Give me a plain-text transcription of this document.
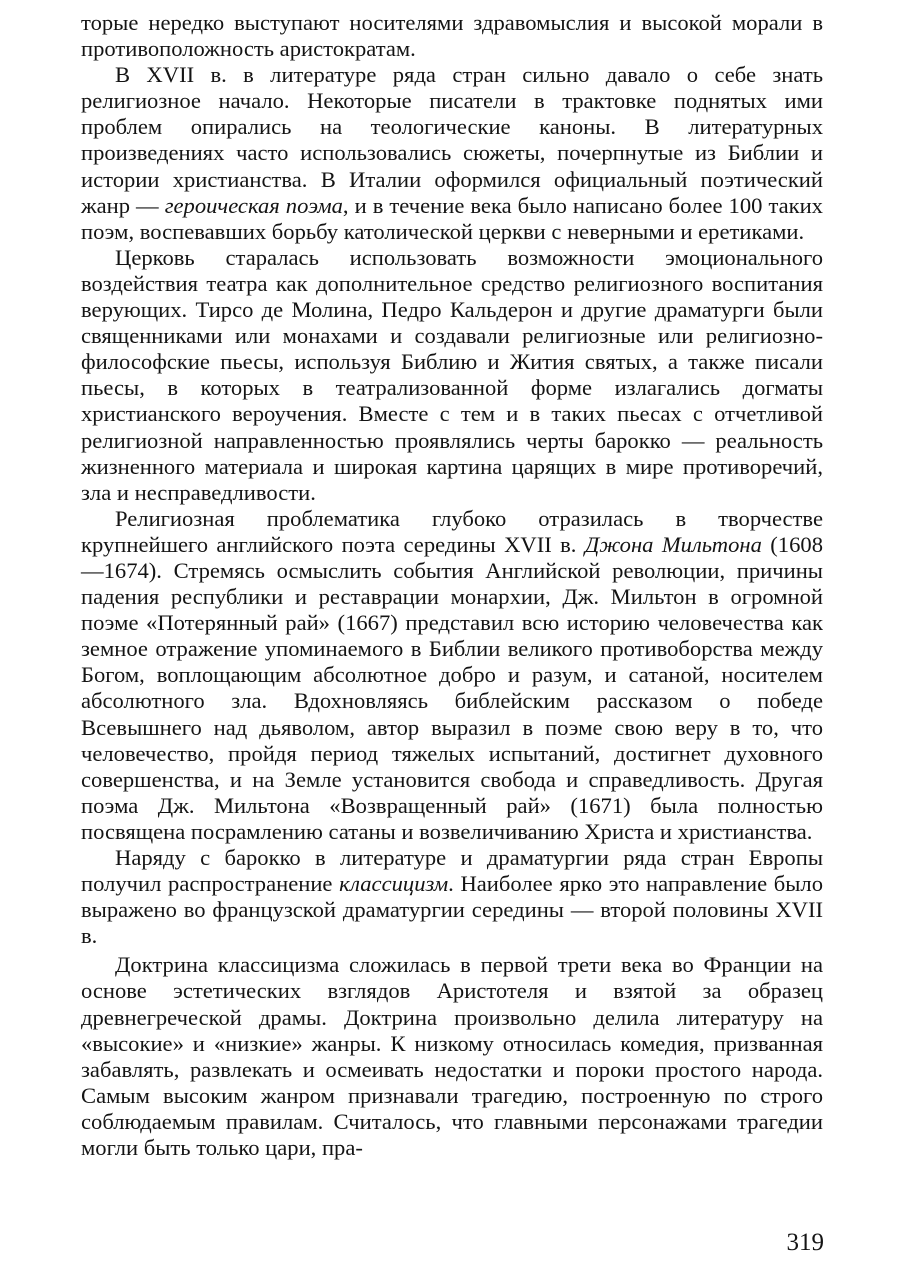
торые нередко выступают носителями здравомыслия и высокой морали в противоположность аристократам.

В XVII в. в литературе ряда стран сильно давало о себе знать религиозное начало. Некоторые писатели в трактовке поднятых ими проблем опирались на теологические каноны. В литературных произведениях часто использовались сюжеты, почерпнутые из Библии и истории христианства. В Италии оформился официальный поэтический жанр — героическая поэма, и в течение века было написано более 100 таких поэм, воспевавших борьбу католической церкви с неверными и еретиками.

Церковь старалась использовать возможности эмоционального воздействия театра как дополнительное средство религиозного воспитания верующих. Тирсо де Молина, Педро Кальдерон и другие драматурги были священниками или монахами и создавали религиозные или религиозно-философские пьесы, используя Библию и Жития святых, а также писали пьесы, в которых в театрализованной форме излагались догматы христианского вероучения. Вместе с тем и в таких пьесах с отчетливой религиозной направленностью проявлялись черты барокко — реальность жизненного материала и широкая картина царящих в мире противоречий, зла и несправедливости.

Религиозная проблематика глубоко отразилась в творчестве крупнейшего английского поэта середины XVII в. Джона Мильтона (1608—1674). Стремясь осмыслить события Английской революции, причины падения республики и реставрации монархии, Дж. Мильтон в огромной поэме «Потерянный рай» (1667) представил всю историю человечества как земное отражение упоминаемого в Библии великого противоборства между Богом, воплощающим абсолютное добро и разум, и сатаной, носителем абсолютного зла. Вдохновляясь библейским рассказом о победе Всевышнего над дьяволом, автор выразил в поэме свою веру в то, что человечество, пройдя период тяжелых испытаний, достигнет духовного совершенства, и на Земле установится свобода и справедливость. Другая поэма Дж. Мильтона «Возвращенный рай» (1671) была полностью посвящена посрамлению сатаны и возвеличиванию Христа и христианства.

Наряду с барокко в литературе и драматургии ряда стран Европы получил распространение классицизм. Наиболее ярко это направление было выражено во французской драматургии середины — второй половины XVII в.

Доктрина классицизма сложилась в первой трети века во Франции на основе эстетических взглядов Аристотеля и взятой за образец древнегреческой драмы. Доктрина произвольно делила литературу на «высокие» и «низкие» жанры. К низкому относилась комедия, призванная забавлять, развлекать и осмеивать недостатки и пороки простого народа. Самым высоким жанром признавали трагедию, построенную по строго соблюдаемым правилам. Считалось, что главными персонажами трагедии могли быть только цари, пра-

319
